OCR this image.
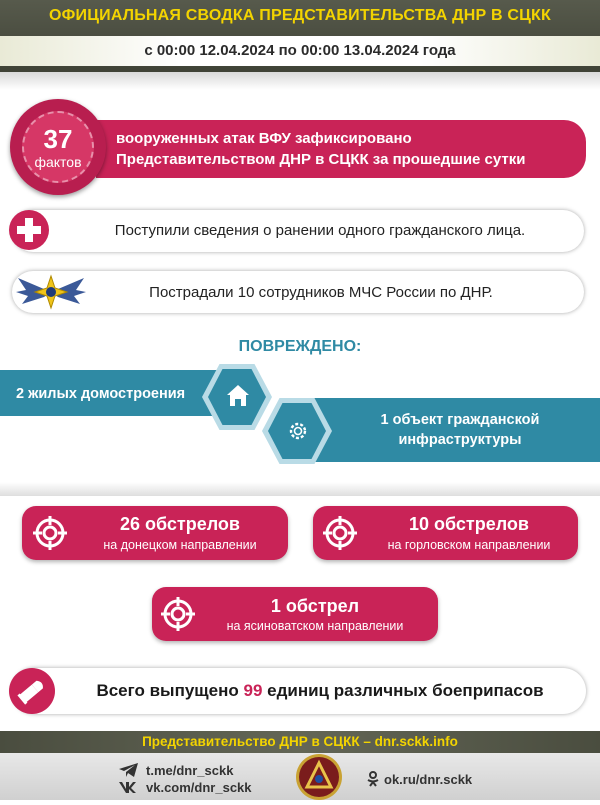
ОФИЦИАЛЬНАЯ СВОДКА ПРЕДСТАВИТЕЛЬСТВА ДНР В СЦКК
с 00:00 12.04.2024 по 00:00 13.04.2024 года
вооруженных атак ВФУ зафиксировано
Представительством ДНР в СЦКК за прошедшие сутки
37
фактов
Поступили сведения о ранении одного гражданского лица.
Пострадали 10 сотрудников МЧС России по ДНР.
ПОВРЕЖДЕНО:
2 жилых домостроения
1 объект гражданской
инфраструктуры
26 обстрелов
на донецком направлении
10 обстрелов
на горловском направлении
1 обстрел
на ясиноватском направлении
Всего выпущено 99 единиц различных боеприпасов
Представительство ДНР в СЦКК – dnr.sckk.info
t.me/dnr_sckk
vk.com/dnr_sckk
ok.ru/dnr.sckk
